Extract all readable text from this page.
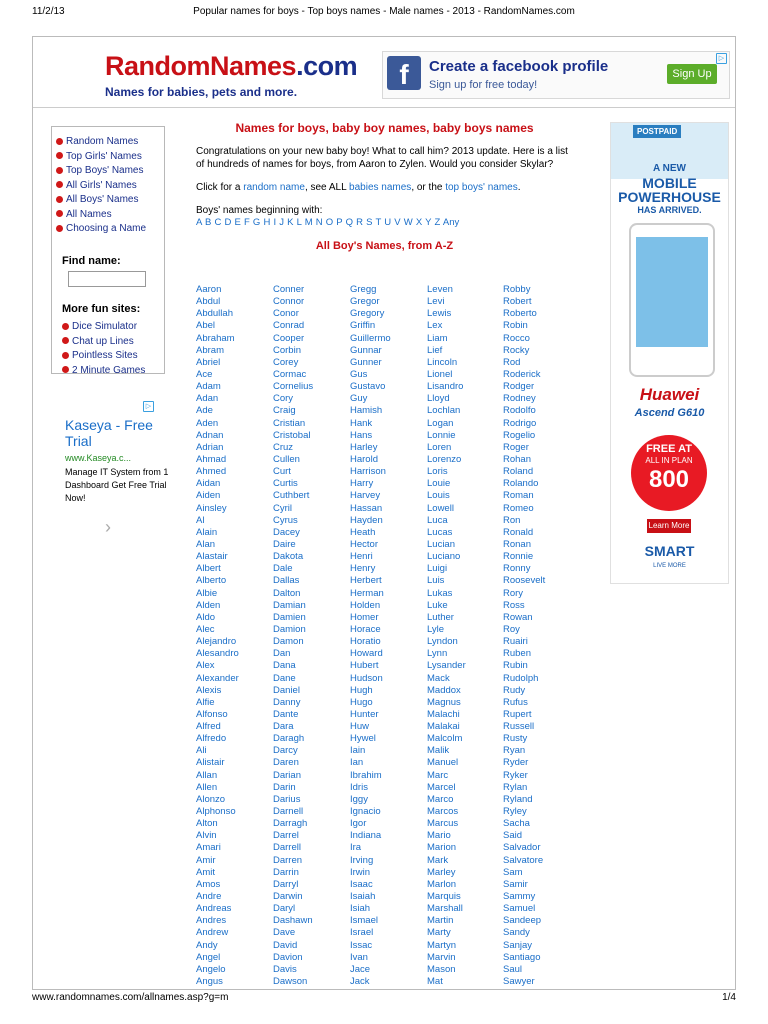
11/2/13	Popular names for boys - Top boys names - Male names - 2013 - RandomNames.com
RandomNames.com
Names for babies, pets and more.
f	Create a facebook profile
Sign up for free today!
Sign Up
▷
Random Names
Top Girls' Names
Top Boys' Names
All Girls' Names
All Boys' Names
All Names
Choosing a Name
Find name:
More fun sites:
Dice Simulator
Chat up Lines
Pointless Sites
2 Minute Games
▷
Kaseya - Free Trial
www.Kaseya.c...
Manage IT System from 1 Dashboard Get Free Trial Now!
›
Names for boys, baby boy names, baby boys names
Congratulations on your new baby boy! What to call him? 2013 update. Here is a list of hundreds of names for boys, from Aaron to Zylen. Would you consider Skylar?
Click for a random name, see ALL babies names, or the top boys' names.
Boys' names beginning with:
A B C D E F G H I J K L M N O P Q R S T U V W X Y Z Any
All Boy's Names, from A-Z
Aaron
Abdul
Abdullah
Abel
Abraham
Abram
Abriel
Ace
Adam
Adan
Ade
Aden
Adnan
Adrian
Ahmad
Ahmed
Aidan
Aiden
Ainsley
Al
Alain
Alan
Alastair
Albert
Alberto
Albie
Alden
Aldo
Alec
Alejandro
Alesandro
Alex
Alexander
Alexis
Alfie
Alfonso
Alfred
Alfredo
Ali
Alistair
Allan
Allen
Alonzo
Alphonso
Alton
Alvin
Amari
Amir
Amit
Amos
Andre
Andreas
Andres
Andrew
Andy
Angel
Angelo
Angus
Conner
Connor
Conor
Conrad
Cooper
Corbin
Corey
Cormac
Cornelius
Cory
Craig
Cristian
Cristobal
Cruz
Cullen
Curt
Curtis
Cuthbert
Cyril
Cyrus
Dacey
Daire
Dakota
Dale
Dallas
Dalton
Damian
Damien
Damion
Damon
Dan
Dana
Dane
Daniel
Danny
Dante
Dara
Daragh
Darcy
Daren
Darian
Darin
Darius
Darnell
Darragh
Darrel
Darrell
Darren
Darrin
Darryl
Darwin
Daryl
Dashawn
Dave
David
Davion
Davis
Dawson
Gregg
Gregor
Gregory
Griffin
Guillermo
Gunnar
Gunner
Gus
Gustavo
Guy
Hamish
Hank
Hans
Harley
Harold
Harrison
Harry
Harvey
Hassan
Hayden
Heath
Hector
Henri
Henry
Herbert
Herman
Holden
Homer
Horace
Horatio
Howard
Hubert
Hudson
Hugh
Hugo
Hunter
Huw
Hywel
Iain
Ian
Ibrahim
Idris
Iggy
Ignacio
Igor
Indiana
Ira
Irving
Irwin
Isaac
Isaiah
Isiah
Ismael
Israel
Issac
Ivan
Jace
Jack
Leven
Levi
Lewis
Lex
Liam
Lief
Lincoln
Lionel
Lisandro
Lloyd
Lochlan
Logan
Lonnie
Loren
Lorenzo
Loris
Louie
Louis
Lowell
Luca
Lucas
Lucian
Luciano
Luigi
Luis
Lukas
Luke
Luther
Lyle
Lyndon
Lynn
Lysander
Mack
Maddox
Magnus
Malachi
Malakai
Malcolm
Malik
Manuel
Marc
Marcel
Marco
Marcos
Marcus
Mario
Marion
Mark
Marley
Marlon
Marquis
Marshall
Martin
Marty
Martyn
Marvin
Mason
Mat
Robby
Robert
Roberto
Robin
Rocco
Rocky
Rod
Roderick
Rodger
Rodney
Rodolfo
Rodrigo
Rogelio
Roger
Rohan
Roland
Rolando
Roman
Romeo
Ron
Ronald
Ronan
Ronnie
Ronny
Roosevelt
Rory
Ross
Rowan
Roy
Ruairi
Ruben
Rubin
Rudolph
Rudy
Rufus
Rupert
Russell
Rusty
Ryan
Ryder
Ryker
Rylan
Ryland
Ryley
Sacha
Said
Salvador
Salvatore
Sam
Samir
Sammy
Samuel
Sandeep
Sandy
Sanjay
Santiago
Saul
Sawyer
POSTPAID
A NEW
MOBILE
POWERHOUSE
HAS ARRIVED.
Huawei
Ascend G610
FREE AT
ALL IN PLAN
800
Learn More
SMART
LIVE MORE
www.randomnames.com/allnames.asp?g=m	1/4
